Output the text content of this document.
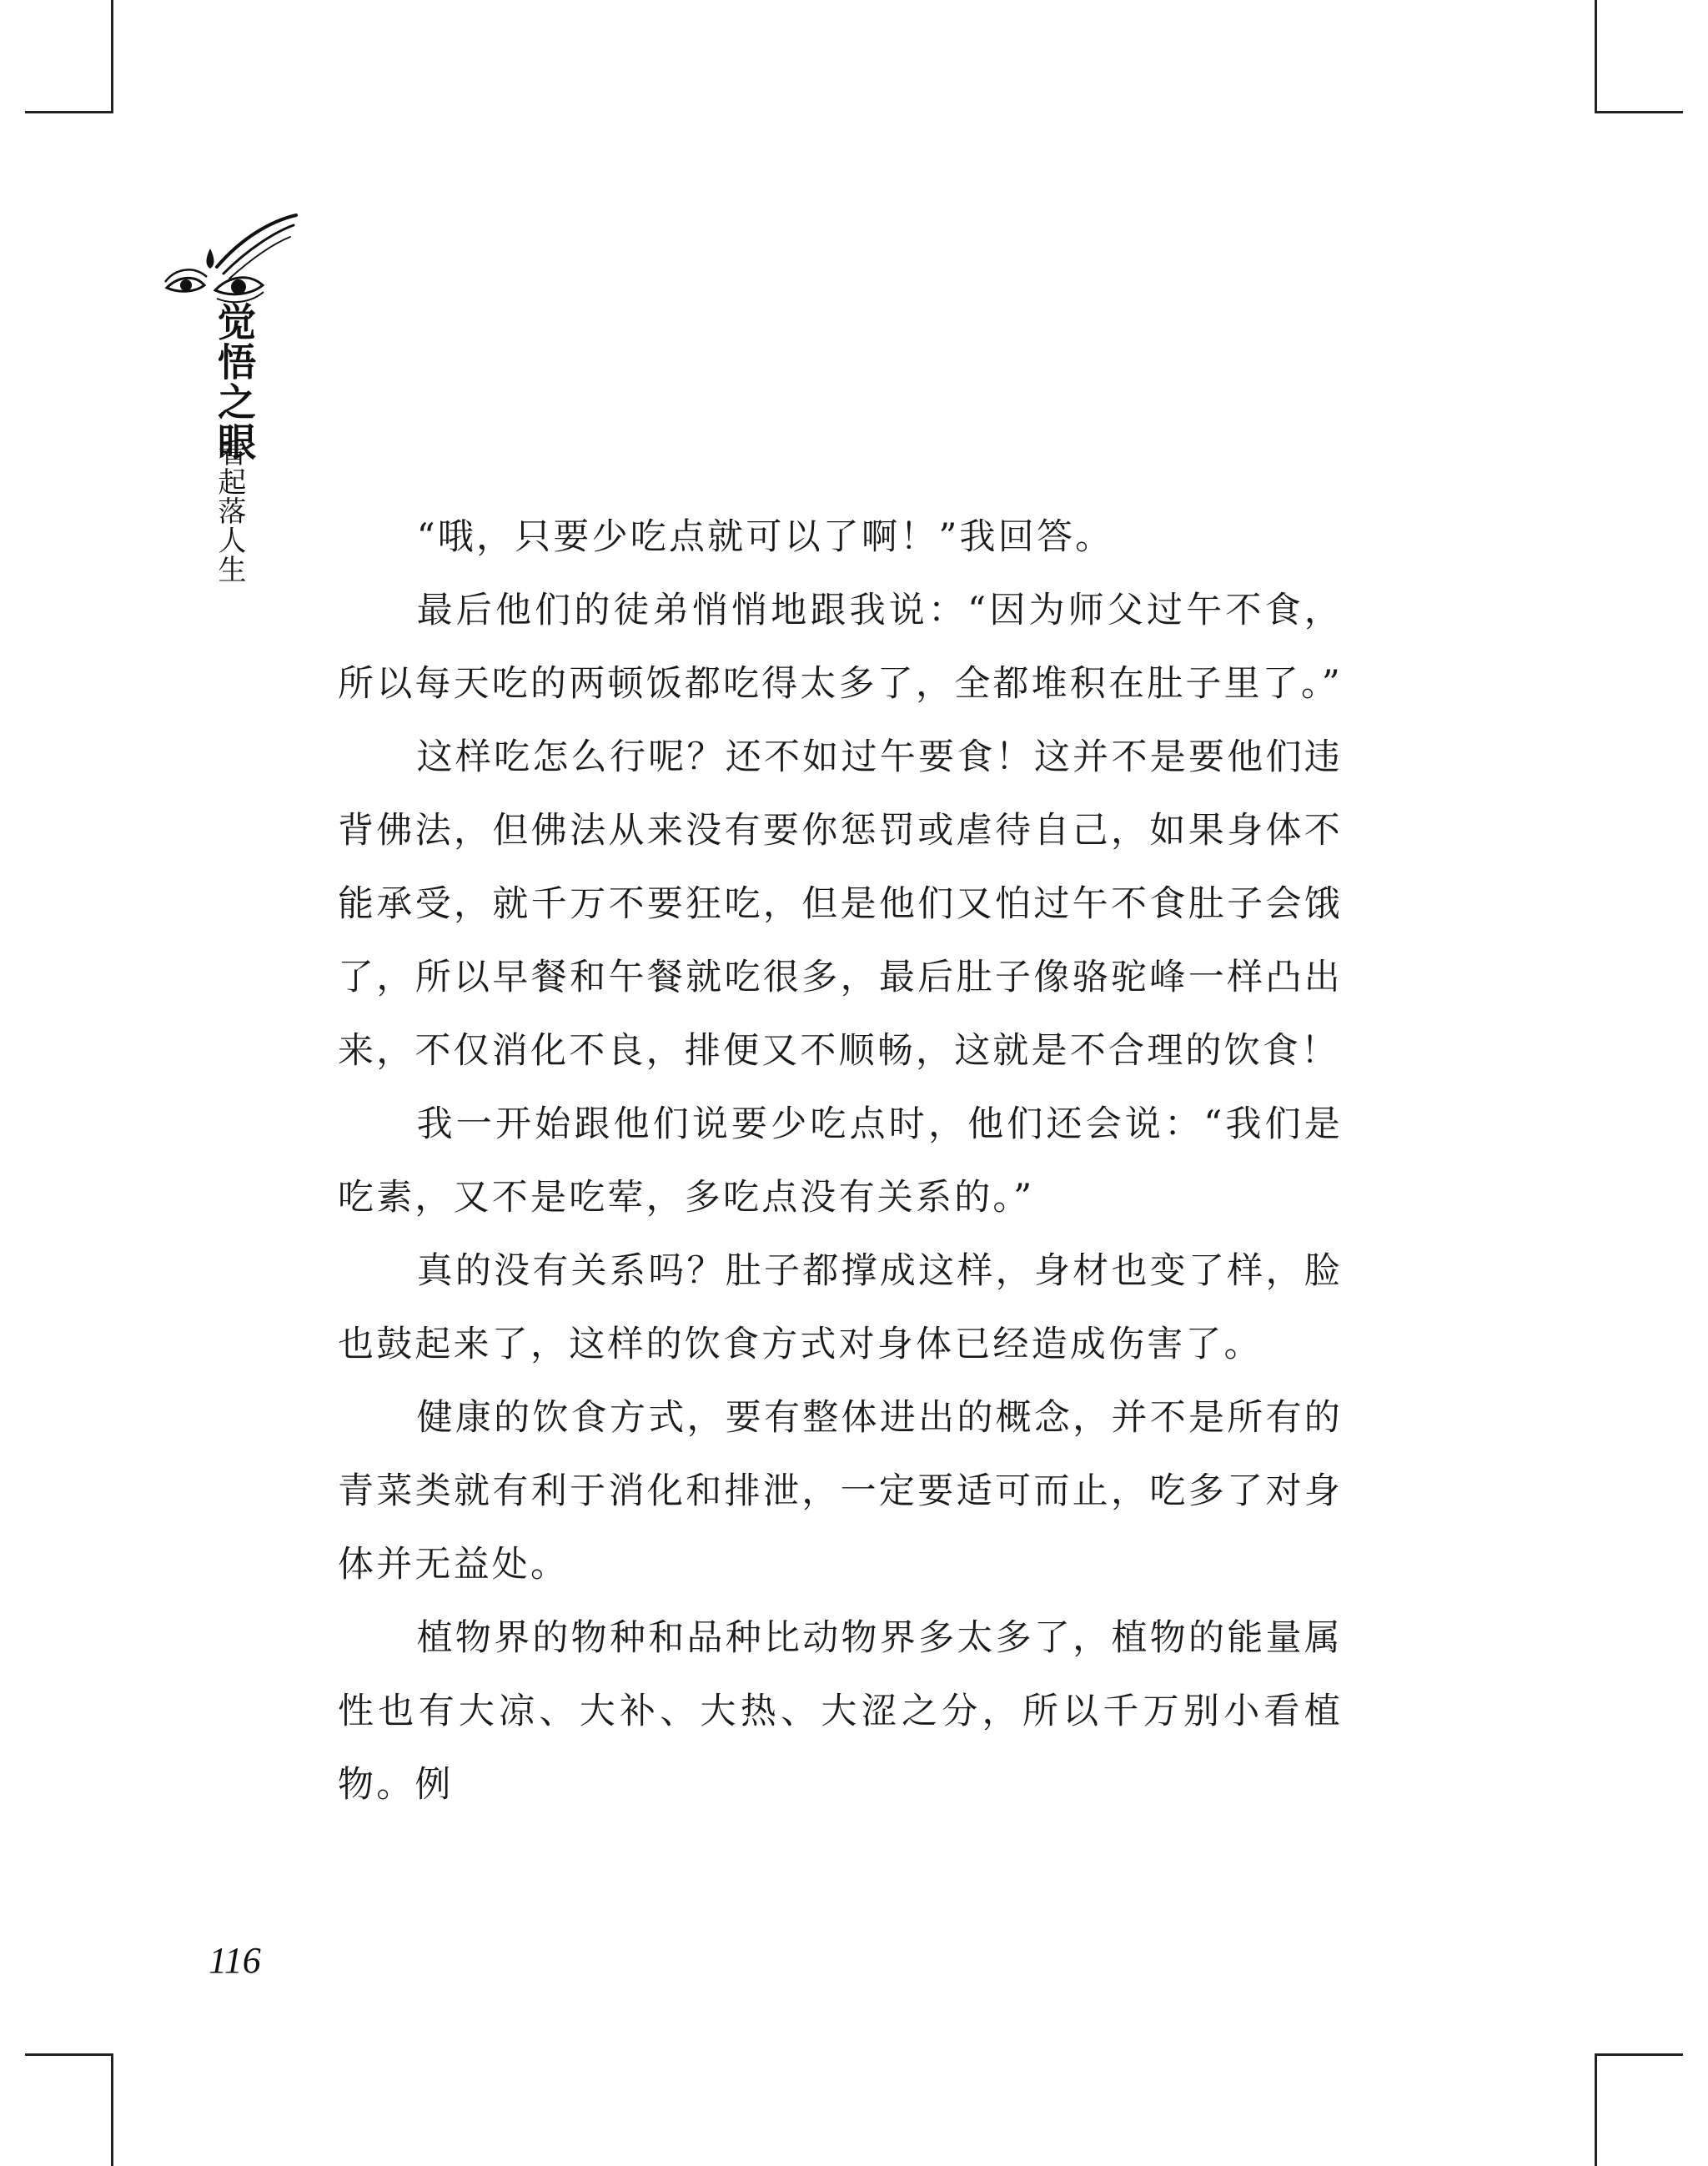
觉悟之眼
看起落人生	“哦，只要少吃点就可以了啊！”我回答。

最后他们的徒弟悄悄地跟我说：“因为师父过午不食，所以每天吃的两顿饭都吃得太多了，全都堆积在肚子里了。”

这样吃怎么行呢？还不如过午要食！这并不是要他们违背佛法，但佛法从来没有要你惩罚或虐待自己，如果身体不能承受，就千万不要狂吃，但是他们又怕过午不食肚子会饿了，所以早餐和午餐就吃很多，最后肚子像骆驼峰一样凸出来，不仅消化不良，排便又不顺畅，这就是不合理的饮食！

我一开始跟他们说要少吃点时，他们还会说：“我们是吃素，又不是吃荤，多吃点没有关系的。”

真的没有关系吗？肚子都撑成这样，身材也变了样，脸也鼓起来了，这样的饮食方式对身体已经造成伤害了。

健康的饮食方式，要有整体进出的概念，并不是所有的青菜类就有利于消化和排泄，一定要适可而止，吃多了对身体并无益处。

植物界的物种和品种比动物界多太多了，植物的能量属性也有大凉、大补、大热、大涩之分，所以千万别小看植物。例

116
